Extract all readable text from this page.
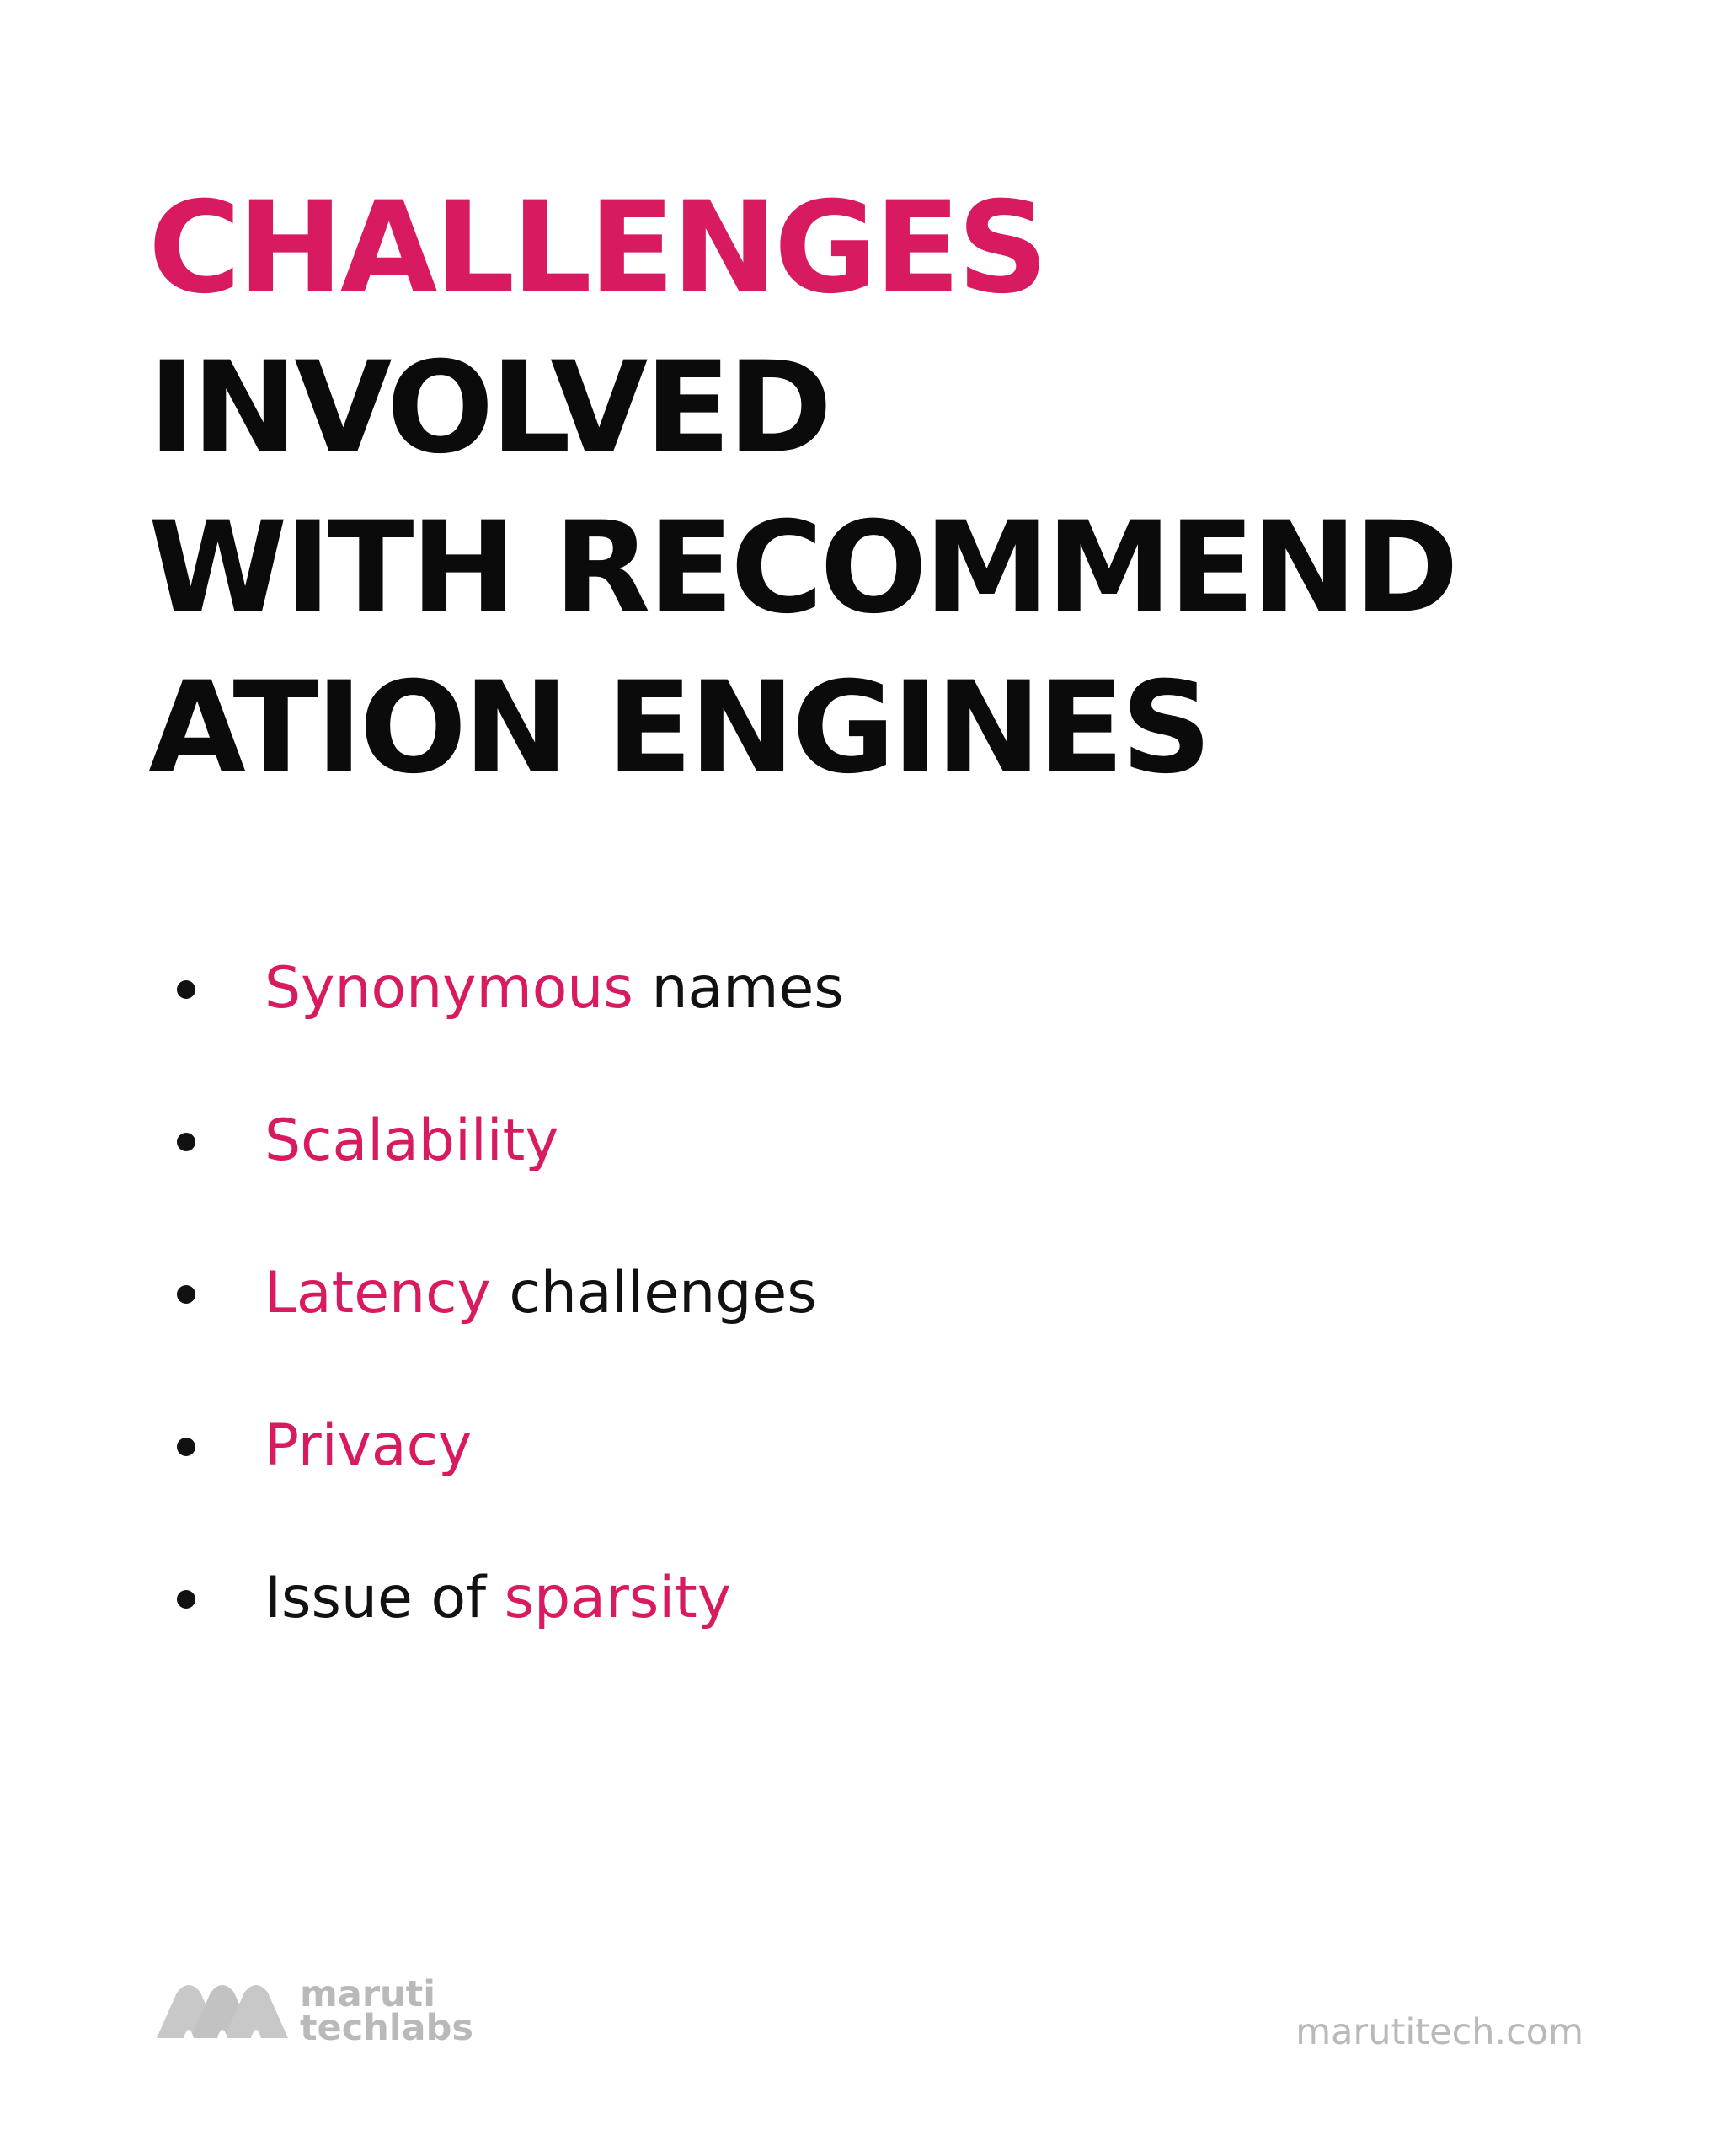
CHALLENGES
INVOLVED
WITH RECOMMEND
ATION ENGINES
Synonymous names
Scalability
Latency challenges
Privacy
Issue of sparsity
maruti
techlabs	marutitech.com
